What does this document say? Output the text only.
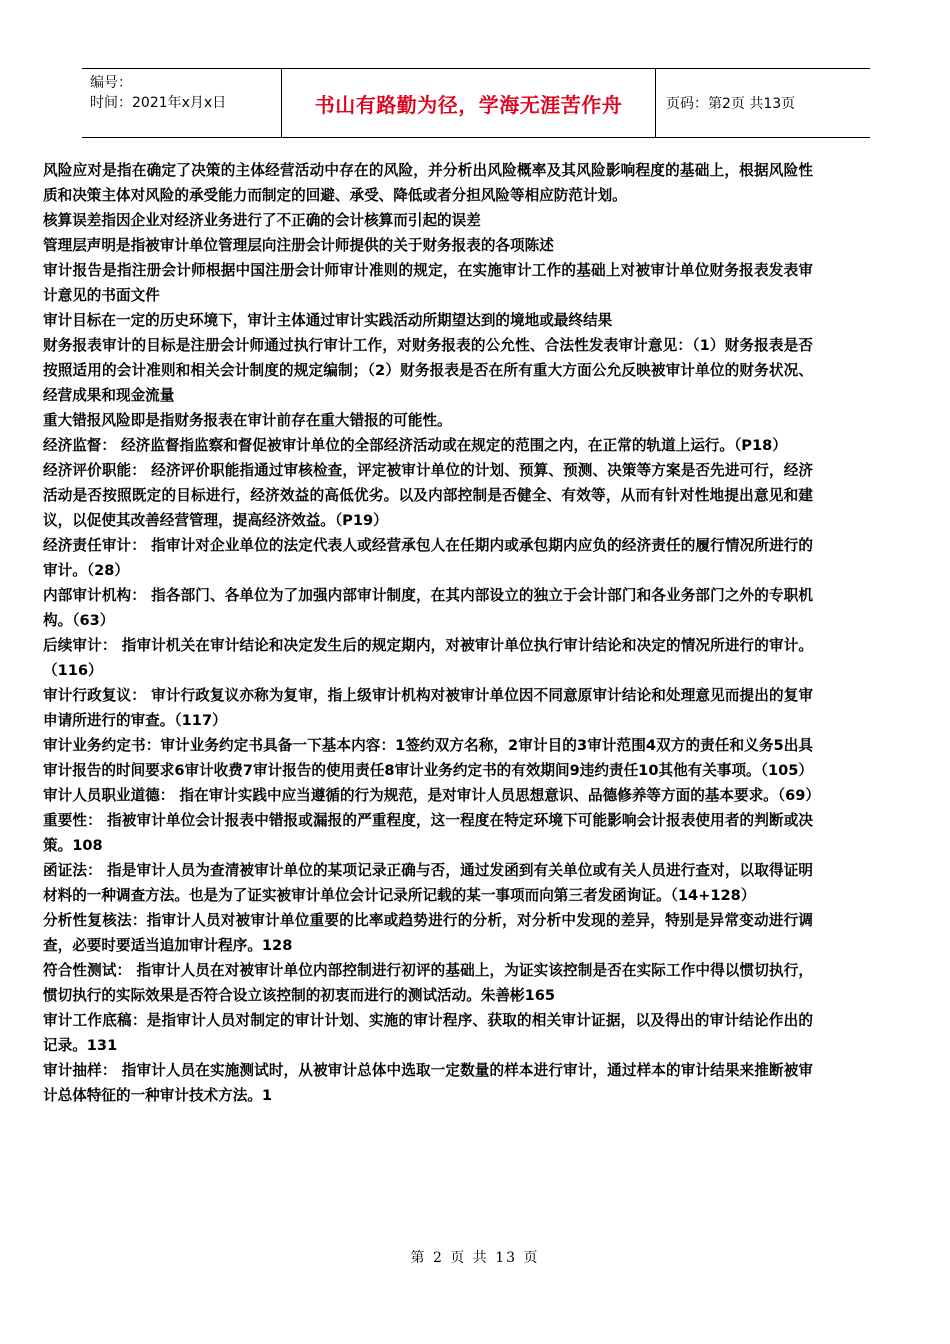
编号：
时间：2021年x月x日	书山有路勤为径，学海无涯苦作舟	页码：第2页 共13页

风险应对是指在确定了决策的主体经营活动中存在的风险，并分析出风险概率及其风险影响程度的基础上，根据风险性质和决策主体对风险的承受能力而制定的回避、承受、降低或者分担风险等相应防范计划。

核算误差指因企业对经济业务进行了不正确的会计核算而引起的误差

管理层声明是指被审计单位管理层向注册会计师提供的关于财务报表的各项陈述

审计报告是指注册会计师根据中国注册会计师审计准则的规定，在实施审计工作的基础上对被审计单位财务报表发表审计意见的书面文件

审计目标在一定的历史环境下，审计主体通过审计实践活动所期望达到的境地或最终结果

财务报表审计的目标是注册会计师通过执行审计工作，对财务报表的公允性、合法性发表审计意见：（1）财务报表是否按照适用的会计准则和相关会计制度的规定编制；（2）财务报表是否在所有重大方面公允反映被审计单位的财务状况、经营成果和现金流量

重大错报风险即是指财务报表在审计前存在重大错报的可能性。

经济监督： 经济监督指监察和督促被审计单位的全部经济活动或在规定的范围之内，在正常的轨道上运行。（P18）

经济评价职能： 经济评价职能指通过审核检查，评定被审计单位的计划、预算、预测、决策等方案是否先进可行，经济活动是否按照既定的目标进行，经济效益的高低优劣。以及内部控制是否健全、有效等，从而有针对性地提出意见和建议，以促使其改善经营管理，提高经济效益。（P19）

经济责任审计： 指审计对企业单位的法定代表人或经营承包人在任期内或承包期内应负的经济责任的履行情况所进行的审计。（28）

内部审计机构： 指各部门、各单位为了加强内部审计制度，在其内部设立的独立于会计部门和各业务部门之外的专职机构。（63）

后续审计： 指审计机关在审计结论和决定发生后的规定期内，对被审计单位执行审计结论和决定的情况所进行的审计。（116）

审计行政复议： 审计行政复议亦称为复审，指上级审计机构对被审计单位因不同意原审计结论和处理意见而提出的复审申请所进行的审查。（117）

审计业务约定书：审计业务约定书具备一下基本内容：1签约双方名称，2审计目的3审计范围4双方的责任和义务5出具审计报告的时间要求6审计收费7审计报告的使用责任8审计业务约定书的有效期间9违约责任10其他有关事项。（105）

审计人员职业道德： 指在审计实践中应当遵循的行为规范，是对审计人员思想意识、品德修养等方面的基本要求。（69）

重要性： 指被审计单位会计报表中错报或漏报的严重程度，这一程度在特定环境下可能影响会计报表使用者的判断或决策。108

函证法： 指是审计人员为查清被审计单位的某项记录正确与否，通过发函到有关单位或有关人员进行查对，以取得证明材料的一种调查方法。也是为了证实被审计单位会计记录所记载的某一事项而向第三者发函询证。（14+128）

分析性复核法：指审计人员对被审计单位重要的比率或趋势进行的分析，对分析中发现的差异，特别是异常变动进行调查，必要时要适当追加审计程序。128

符合性测试： 指审计人员在对被审计单位内部控制进行初评的基础上，为证实该控制是否在实际工作中得以惯切执行，惯切执行的实际效果是否符合设立该控制的初衷而进行的测试活动。朱善彬165

审计工作底稿：是指审计人员对制定的审计计划、实施的审计程序、获取的相关审计证据，以及得出的审计结论作出的记录。131

审计抽样： 指审计人员在实施测试时，从被审计总体中选取一定数量的样本进行审计，通过样本的审计结果来推断被审计总体特征的一种审计技术方法。1

第 2 页 共 13 页
